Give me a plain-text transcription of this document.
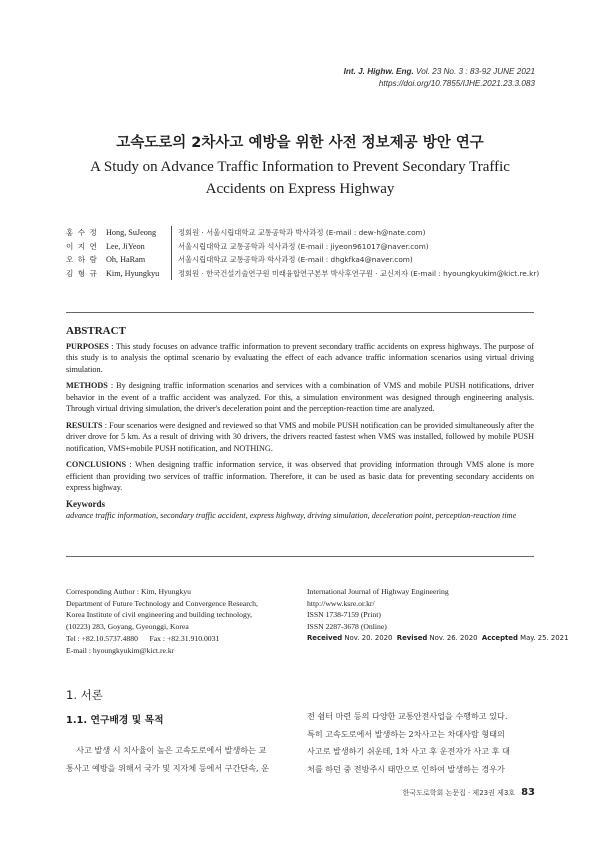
Int. J. Highw. Eng. Vol. 23 No. 3 : 83-92 JUNE 2021
https://doi.org/10.7855/IJHE.2021.23.3.083
고속도로의 2차사고 예방을 위한 사전 정보제공 방안 연구
A Study on Advance Traffic Information to Prevent Secondary Traffic Accidents on Express Highway
홍 수 정 Hong, SuJeong	정회원 · 서울시립대학교 교통공학과 박사과정 (E-mail : dew-h@nate.com)
이 지 연 Lee, JiYeon	서울시립대학교 교통공학과 석사과정 (E-mail : jiyeon961017@naver.com)
오 하 람 Oh, HaRam	서울시립대학교 교통공학과 학사과정 (E-mail : dhgkfka4@naver.com)
김 형 규 Kim, Hyungkyu	정회원 · 한국건설기술연구원 미래융합연구본부 박사후연구원 · 교신저자 (E-mail : hyoungkyukim@kict.re.kr)
ABSTRACT

PURPOSES : This study focuses on advance traffic information to prevent secondary traffic accidents on express highways. The purpose of this study is to analysis the optimal scenario by evaluating the effect of each advance traffic information scenarios using virtual driving simulation.

METHODS : By designing traffic information scenarios and services with a combination of VMS and mobile PUSH notifications, driver behavior in the event of a traffic accident was analyzed. For this, a simulation environment was designed through engineering analysis. Through virtual driving simulation, the driver's deceleration point and the perception-reaction time are analyzed.

RESULTS : Four scenarios were designed and reviewed so that VMS and mobile PUSH notification can be provided simultaneously after the driver drove for 5 km. As a result of driving with 30 drivers, the drivers reacted fastest when VMS was installed, followed by mobile PUSH notification, VMS+mobile PUSH notification, and NOTHING.

CONCLUSIONS : When designing traffic information service, it was observed that providing information through VMS alone is more efficient than providing two services of traffic information. Therefore, it can be used as basic data for preventing secondary accidents on express highway.

Keywords
advance traffic information, secondary traffic accident, express highway, driving simulation, deceleration point, perception-reaction time
Corresponding Author : Kim, Hyungkyu
Department of Future Technology and Convergence Research,
Korea Institute of civil engineering and building technology,
(10223) 283, Goyang, Gyeonggi, Korea
Tel : +82.10.5737.4880      Fax : +82.31.910.0031
E-mail : hyoungkyukim@kict.re.kr
International Journal of Highway Engineering
http://www.ksre.or.kr/
ISSN 1738-7159 (Print)
ISSN 2287-3678 (Online)
Received Nov. 20. 2020 Revised Nov. 26. 2020 Accepted May. 25. 2021
1. 서론
1.1. 연구배경 및 목적

사고 발생 시 치사율이 높은 고속도로에서 발생하는 교

통사고 예방을 위해서 국가 및 지자체 등에서 구간단속, 운

전 쉼터 마련 등의 다양한 교통안전사업을 수행하고 있다.

특히 고속도로에서 발생하는 2차사고는 차대사람 형태의

사고로 발생하기 쉬운데, 1차 사고 후 운전자가 사고 후 대

처를 하던 중 전방주시 태만으로 인하여 발생하는 경우가

한국도로학회 논문집 · 제23권 제3호 83
